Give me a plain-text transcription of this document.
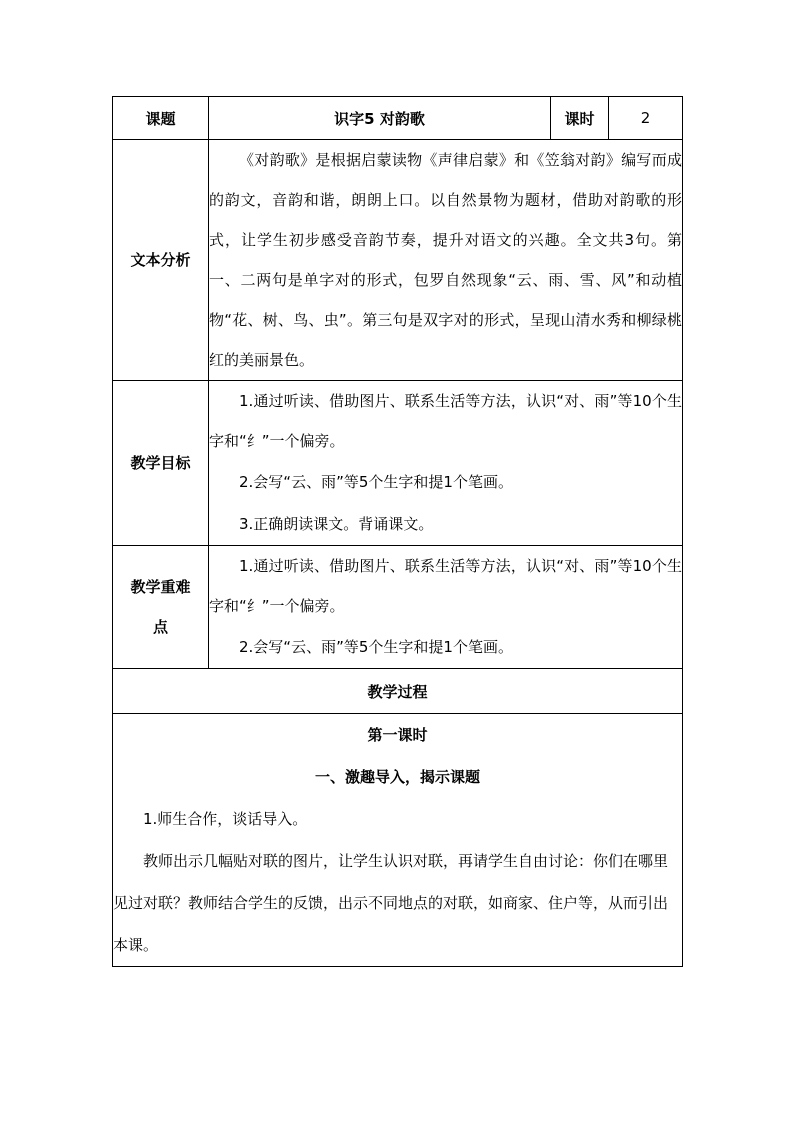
课题	识字5 对韵歌	课时	2
文本分析	《对韵歌》是根据启蒙读物《声律启蒙》和《笠翁对韵》编写而成的韵文，音韵和谐，朗朗上口。以自然景物为题材，借助对韵歌的形式，让学生初步感受音韵节奏，提升对语文的兴趣。全文共3句。第一、二两句是单字对的形式，包罗自然现象“云、雨、雪、风”和动植物“花、树、鸟、虫”。第三句是双字对的形式，呈现山清水秀和柳绿桃红的美丽景色。		

教学目标	1.通过听读、借助图片、联系生活等方法，认识“对、雨”等10个生字和“纟”一个偏旁。

2.会写“云、雨”等5个生字和提1个笔画。

3.正确朗读课文。背诵课文。		

教学重难点	1.通过听读、借助图片、联系生活等方法，认识“对、雨”等10个生字和“纟”一个偏旁。

2.会写“云、雨”等5个生字和提1个笔画。		

教学过程			

第一课时

一、激趣导入，揭示课题

1.师生合作，谈话导入。

教师出示几幅贴对联的图片，让学生认识对联，再请学生自由讨论：你们在哪里见过对联？教师结合学生的反馈，出示不同地点的对联，如商家、住户等，从而引出本课。			
